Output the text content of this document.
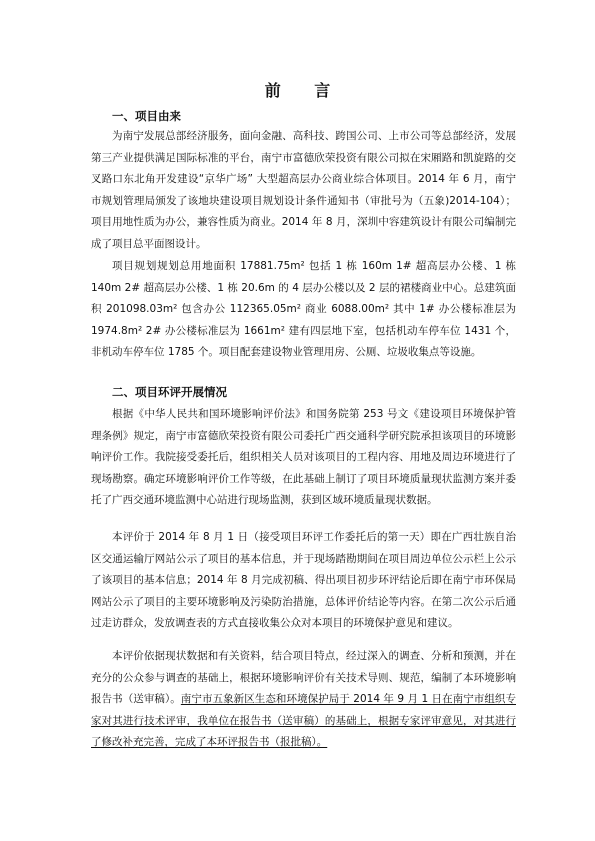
前 言
一、项目由来

为南宁发展总部经济服务，面向金融、高科技、跨国公司、上市公司等总部经济，发展第三产业提供满足国际标准的平台，南宁市富德欣荣投资有限公司拟在宋厢路和凯旋路的交叉路口东北角开发建设“京华广场” 大型超高层办公商业综合体项目。2014 年 6 月，南宁市规划管理局颁发了该地块建设项目规划设计条件通知书（审批号为（五象)2014-104）；项目用地性质为办公，兼容性质为商业。2014 年 8 月，深圳中容建筑设计有限公司编制完成了项目总平面图设计。

项目规划规划总用地面积 17881.75m² 包括 1 栋 160m 1# 超高层办公楼、1 栋 140m 2# 超高层办公楼、1 栋 20.6m 的 4 层办公楼以及 2 层的裙楼商业中心。总建筑面积 201098.03m² 包含办公 112365.05m² 商业 6088.00m² 其中 1# 办公楼标准层为 1974.8m² 2# 办公楼标准层为 1661m² 建有四层地下室，包括机动车停车位 1431 个，非机动车停车位 1785 个。项目配套建设物业管理用房、公厕、垃圾收集点等设施。

二、项目环评开展情况

根据《中华人民共和国环境影响评价法》和国务院第 253 号文《建设项目环境保护管理条例》规定，南宁市富德欣荣投资有限公司委托广西交通科学研究院承担该项目的环境影响评价工作。我院接受委托后，组织相关人员对该项目的工程内容、用地及周边环境进行了现场勘察。确定环境影响评价工作等级，在此基础上制订了项目环境质量现状监测方案并委托了广西交通环境监测中心站进行现场监测，获到区域环境质量现状数据。

本评价于 2014 年 8 月 1 日（接受项目环评工作委托后的第一天）即在广西壮族自治区交通运输厅网站公示了项目的基本信息，并于现场踏勘期间在项目周边单位公示栏上公示了该项目的基本信息；2014 年 8 月完成初稿、得出项目初步环评结论后即在南宁市环保局网站公示了项目的主要环境影响及污染防治措施，总体评价结论等内容。在第二次公示后通过走访群众，发放调查表的方式直接收集公众对本项目的环境保护意见和建议。

本评价依据现状数据和有关资料，结合项目特点，经过深入的调查、分析和预测，并在充分的公众参与调查的基础上，根据环境影响评价有关技术导则、规范，编制了本环境影响报告书（送审稿）。南宁市五象新区生态和环境保护局于 2014 年 9 月 1 日在南宁市组织专家对其进行技术评审，我单位在报告书（送审稿）的基础上，根据专家评审意见，对其进行了修改补充完善，完成了本环评报告书（报批稿）。
